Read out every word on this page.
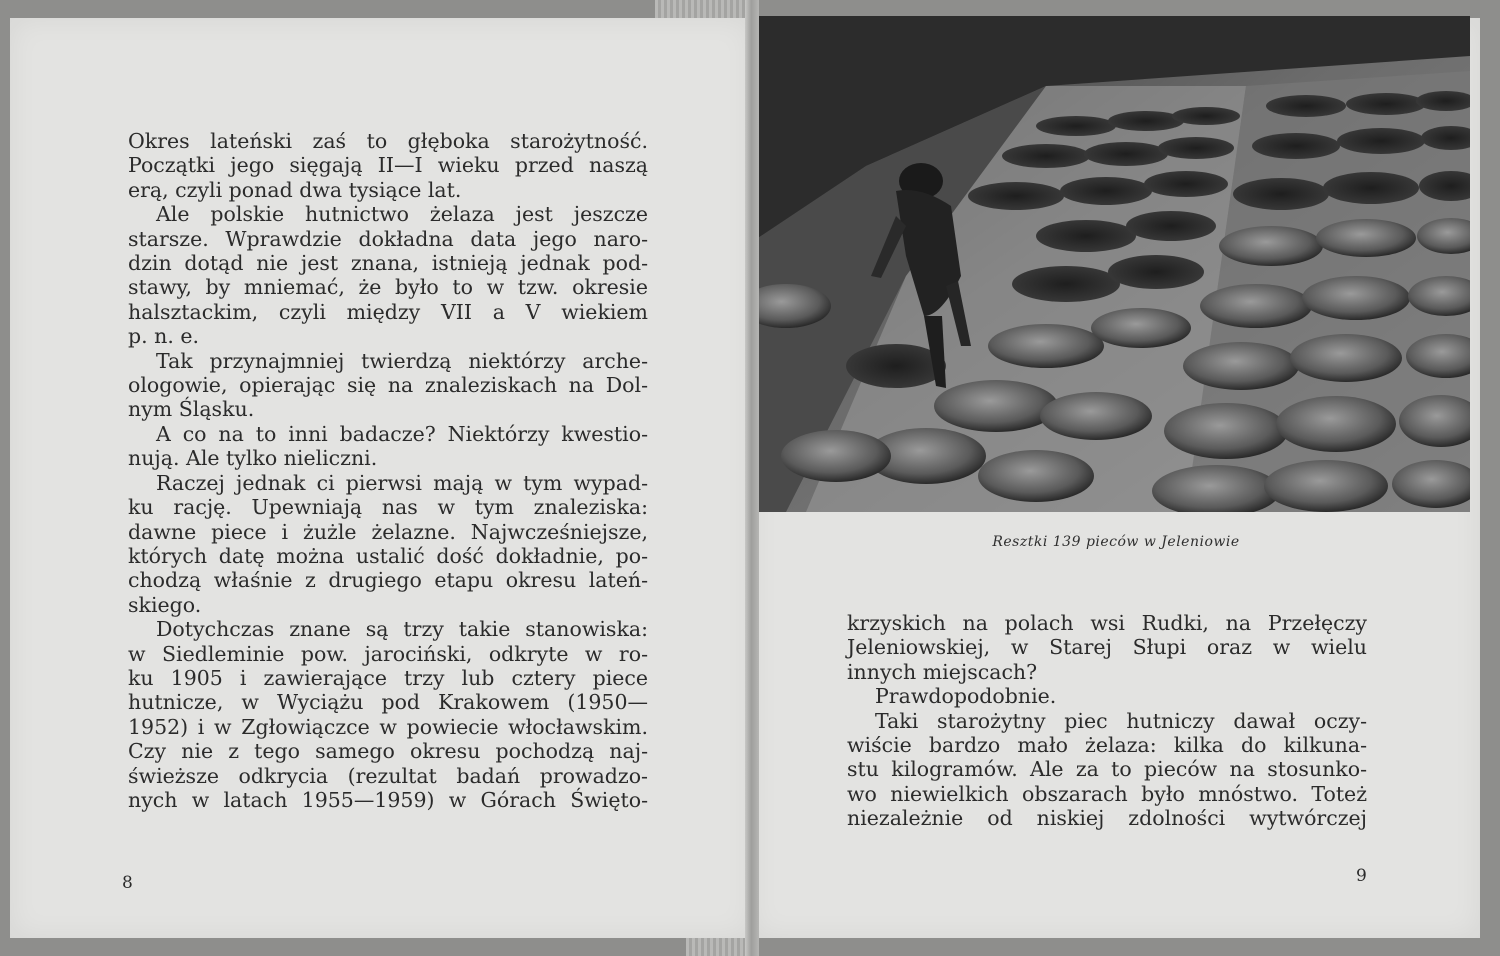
Okres lateński zaś to głęboka starożytność.
Początki jego sięgają II—I wieku przed naszą
erą, czyli ponad dwa tysiące lat.
Ale polskie hutnictwo żelaza jest jeszcze
starsze. Wprawdzie dokładna data jego naro-
dzin dotąd nie jest znana, istnieją jednak pod-
stawy, by mniemać, że było to w tzw. okresie
halsztackim, czyli między VII a V wiekiem
p. n. e.
Tak przynajmniej twierdzą niektórzy arche-
ologowie, opierając się na znaleziskach na Dol-
nym Śląsku.
A co na to inni badacze? Niektórzy kwestio-
nują. Ale tylko nieliczni.
Raczej jednak ci pierwsi mają w tym wypad-
ku rację. Upewniają nas w tym znaleziska:
dawne piece i żużle żelazne. Najwcześniejsze,
których datę można ustalić dość dokładnie, po-
chodzą właśnie z drugiego etapu okresu lateń-
skiego.
Dotychczas znane są trzy takie stanowiska:
w Siedleminie pow. jarociński, odkryte w ro-
ku 1905 i zawierające trzy lub cztery piece
hutnicze, w Wyciążu pod Krakowem (1950—
1952) i w Zgłowiączce w powiecie włocławskim.
Czy nie z tego samego okresu pochodzą naj-
świeższe odkrycia (rezultat badań prowadzo-
nych w latach 1955—1959) w Górach Święto-
8
Resztki 139 pieców w Jeleniowie
krzyskich na polach wsi Rudki, na Przełęczy
Jeleniowskiej, w Starej Słupi oraz w wielu
innych miejscach?
Prawdopodobnie.
Taki starożytny piec hutniczy dawał oczy-
wiście bardzo mało żelaza: kilka do kilkuna-
stu kilogramów. Ale za to pieców na stosunko-
wo niewielkich obszarach było mnóstwo. Toteż
niezależnie od niskiej zdolności wytwórczej
9
